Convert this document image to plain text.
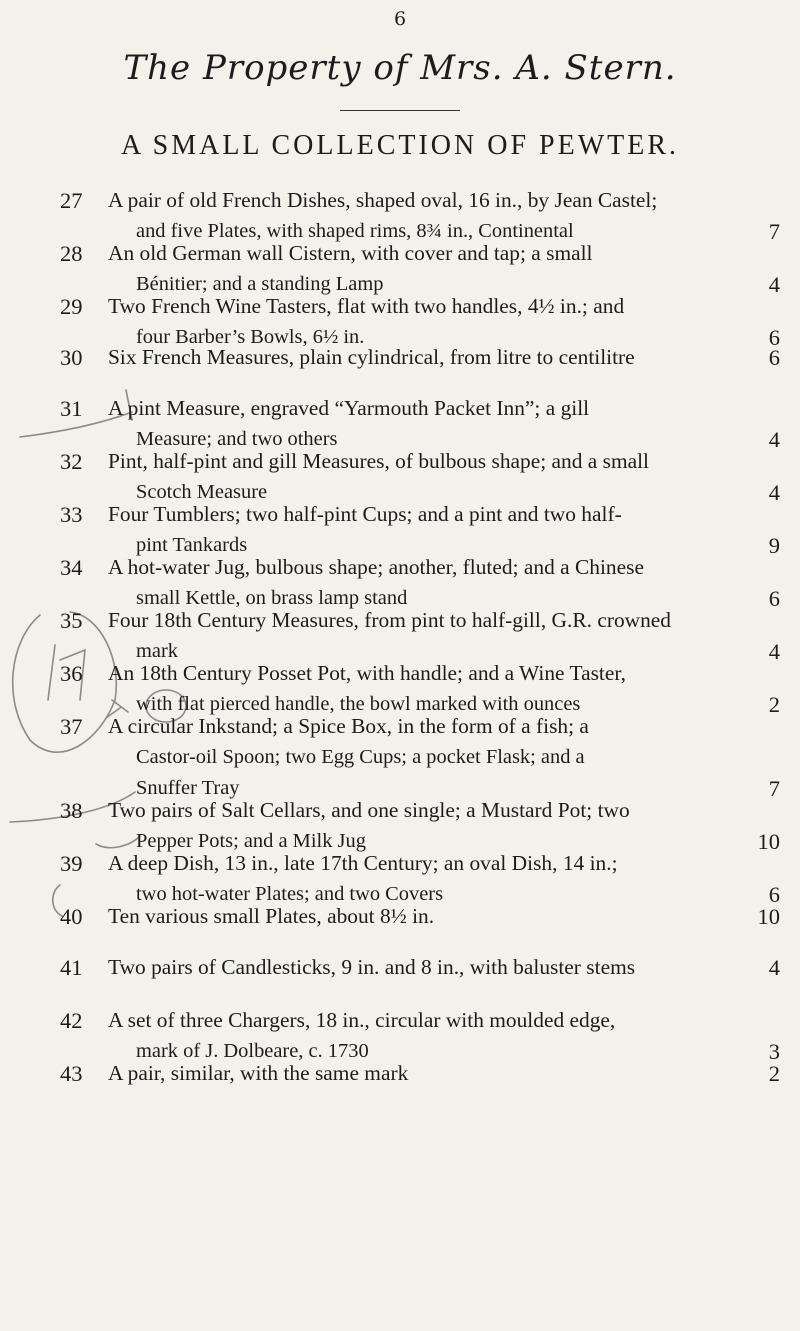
6
The Property of Mrs. A. Stern.
A SMALL COLLECTION OF PEWTER.
27	A pair of old French Dishes, shaped oval, 16 in., by Jean Castel;
and five Plates, with shaped rims, 8¾ in., Continental	7
28	An old German wall Cistern, with cover and tap; a small
Bénitier; and a standing Lamp	4
29	Two French Wine Tasters, flat with two handles, 4½ in.; and
four Barber’s Bowls, 6½ in.	6
30	Six French Measures, plain cylindrical, from litre to centilitre	6
31	A pint Measure, engraved “Yarmouth Packet Inn”; a gill
Measure; and two others	4
32	Pint, half-pint and gill Measures, of bulbous shape; and a small
Scotch Measure	4
33	Four Tumblers; two half-pint Cups; and a pint and two half-
pint Tankards	9
34	A hot-water Jug, bulbous shape; another, fluted; and a Chinese
small Kettle, on brass lamp stand	6
35	Four 18th Century Measures, from pint to half-gill, G.R. crowned
mark	4
36	An 18th Century Posset Pot, with handle; and a Wine Taster,
with flat pierced handle, the bowl marked with ounces	2
37	A circular Inkstand; a Spice Box, in the form of a fish; a
Castor-oil Spoon; two Egg Cups; a pocket Flask; and a
Snuffer Tray	7
38	Two pairs of Salt Cellars, and one single; a Mustard Pot; two
Pepper Pots; and a Milk Jug	10
39	A deep Dish, 13 in., late 17th Century; an oval Dish, 14 in.;
two hot-water Plates; and two Covers	6
40	Ten various small Plates, about 8½ in.	10
41	Two pairs of Candlesticks, 9 in. and 8 in., with baluster stems	4
42	A set of three Chargers, 18 in., circular with moulded edge,
mark of J. Dolbeare, c. 1730	3
43	A pair, similar, with the same mark	2
